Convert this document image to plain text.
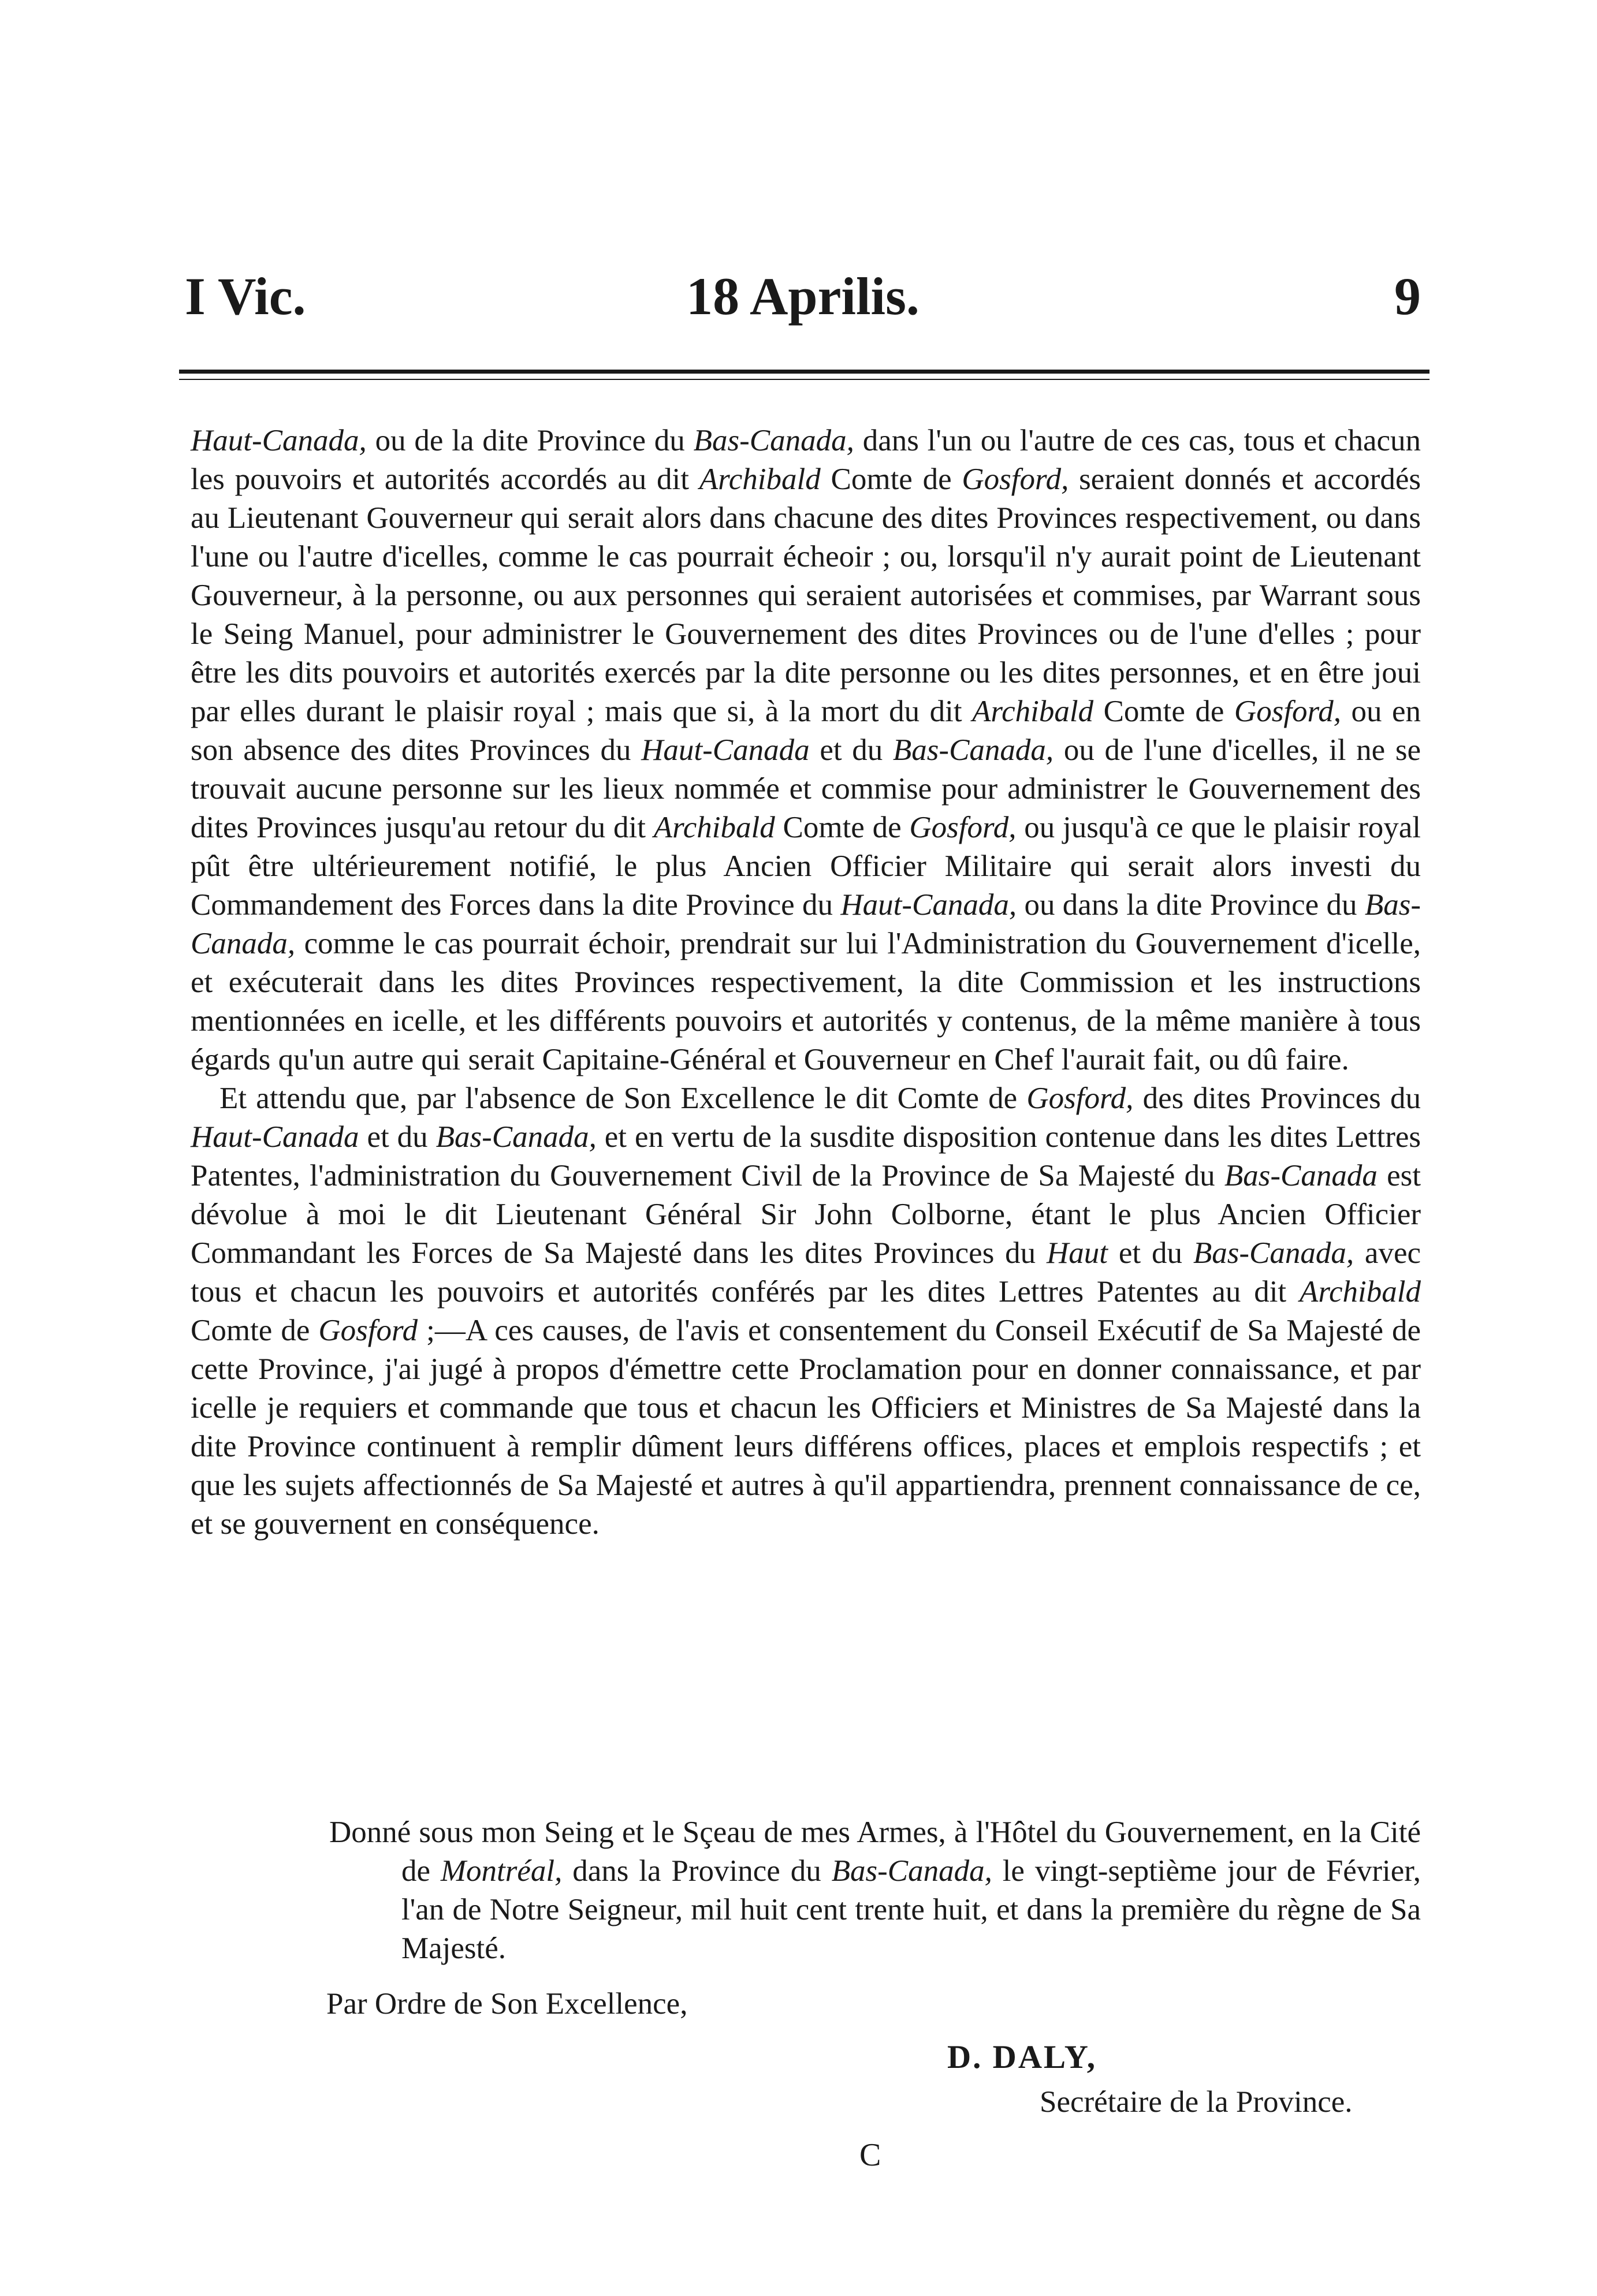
I Vic.	18 Aprilis.	9

Haut-Canada, ou de la dite Province du Bas-Canada, dans l'un ou l'autre de ces cas, tous et chacun les pouvoirs et autorités accordés au dit Archibald Comte de Gosford, seraient donnés et accordés au Lieutenant Gouverneur qui serait alors dans chacune des dites Provinces respectivement, ou dans l'une ou l'autre d'icelles, comme le cas pourrait écheoir ; ou, lorsqu'il n'y aurait point de Lieutenant Gouverneur, à la personne, ou aux personnes qui seraient autorisées et commises, par Warrant sous le Seing Manuel, pour administrer le Gouvernement des dites Provinces ou de l'une d'elles ; pour être les dits pouvoirs et autorités exercés par la dite personne ou les dites personnes, et en être joui par elles durant le plaisir royal ; mais que si, à la mort du dit Archibald Comte de Gosford, ou en son absence des dites Provinces du Haut-Canada et du Bas-Canada, ou de l'une d'icelles, il ne se trouvait aucune personne sur les lieux nommée et commise pour administrer le Gouvernement des dites Provinces jusqu'au retour du dit Archibald Comte de Gosford, ou jusqu'à ce que le plaisir royal pût être ultérieurement notifié, le plus Ancien Officier Militaire qui serait alors investi du Commandement des Forces dans la dite Province du Haut-Canada, ou dans la dite Province du Bas-Canada, comme le cas pourrait échoir, prendrait sur lui l'Administration du Gouvernement d'icelle, et exécuterait dans les dites Provinces respectivement, la dite Commission et les instructions mentionnées en icelle, et les différents pouvoirs et autorités y contenus, de la même manière à tous égards qu'un autre qui serait Capitaine-Général et Gouverneur en Chef l'aurait fait, ou dû faire.

Et attendu que, par l'absence de Son Excellence le dit Comte de Gosford, des dites Provinces du Haut-Canada et du Bas-Canada, et en vertu de la susdite disposition contenue dans les dites Lettres Patentes, l'administration du Gouvernement Civil de la Province de Sa Majesté du Bas-Canada est dévolue à moi le dit Lieutenant Général Sir John Colborne, étant le plus Ancien Officier Commandant les Forces de Sa Majesté dans les dites Provinces du Haut et du Bas-Canada, avec tous et chacun les pouvoirs et autorités conférés par les dites Lettres Patentes au dit Archibald Comte de Gosford ;—A ces causes, de l'avis et consentement du Conseil Exécutif de Sa Majesté de cette Province, j'ai jugé à propos d'émettre cette Proclamation pour en donner connaissance, et par icelle je requiers et commande que tous et chacun les Officiers et Ministres de Sa Majesté dans la dite Province continuent à remplir dûment leurs différens offices, places et emplois respectifs ; et que les sujets affectionnés de Sa Majesté et autres à qu'il appartiendra, prennent connaissance de ce, et se gouvernent en conséquence.

Donné sous mon Seing et le Sçeau de mes Armes, à l'Hôtel du Gouvernement, en la Cité de Montréal, dans la Province du Bas-Canada, le vingt-septième jour de Février, l'an de Notre Seigneur, mil huit cent trente huit, et dans la première du règne de Sa Majesté.

Par Ordre de Son Excellence,
D. DALY,
Secrétaire de la Province.
C
